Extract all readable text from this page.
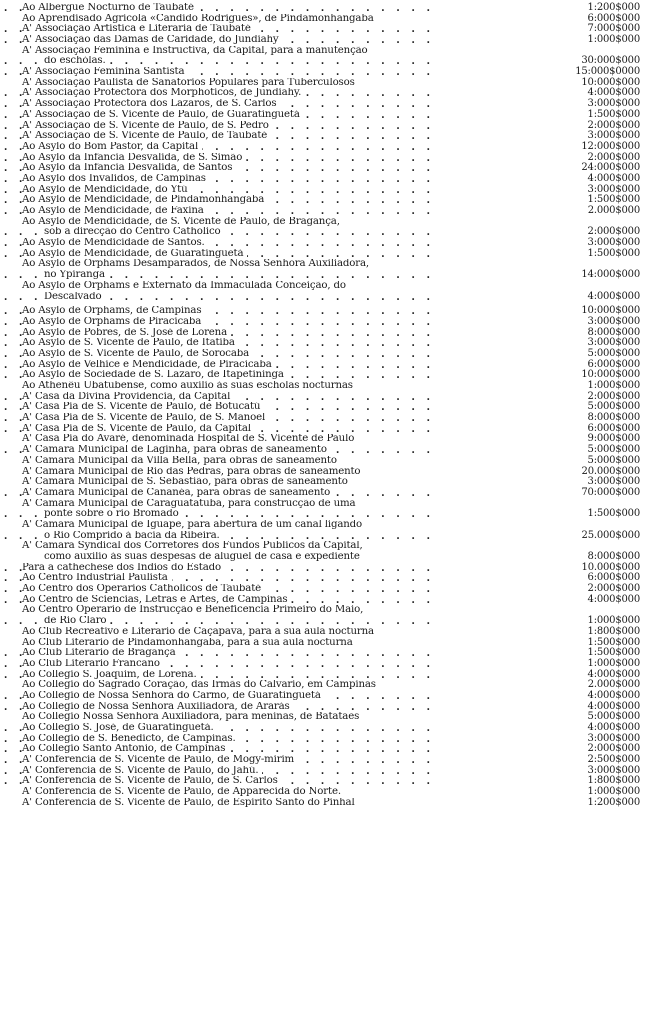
Ao Albergue Nocturno de Taubaté . . .	1:200$000
Ao Aprendisado Agricola «Candido Rodrigues», de Pindamonhangaba	6:000$000
A' Associação Artistica e Literaria de Taubaté . . .	7:000$000
A' Associação das Damas de Caridade, do Jundiahy . . .	1:000$000
A' Associação Feminina e Instructiva, da Capital, para a manutenção
do eschólas. . . .	30:000$000
A' Associação Feminina Santista . . .	15:000$0000
A' Associação Paulista de Sanatorios Populares para Tuberculosos	10:000$000
A' Associação Protectora dos Morphoticos, de Jundiahy. . . .	4:000$000
A' Associação Protectora dos Lazaros, de S. Carlos . . .	3:000$000
A' Associação de S. Vicente de Paulo, de Guaratinguetá . . .	1:500$000
A' Associação de S. Vicente de Paulo, de S. Pedro . . .	2:000$000
A' Associação de S. Vicente de Paulo, de Taubaté . . .	3:000$000
Ao Asylo do Bom Pastor, da Capital . . .	12:000$000
Ao Asylo da Infancia Desvalida, de S. Simão . . .	2:000$000
Ao Asylo da Infancia Desvalida, de Santos . . .	24:000$000
Ao Asylo dos Invalidos, de Campinas . . .	4:000$000
Ao Asylo de Mendicidade, do Ytú . . .	3:000$000
Ao Asylo de Mendicidade, de Pindamonhangaba . . .	1:500$000
Ao Asylo de Mendicidade, de Faxina . . .	2.000$000
Ao Asylo de Mendicidade, de S. Vicente de Paulo, de Bragança,
sob a direcção do Centro Catholico . . .	2:000$000
Ao Asylo de Mendicidade de Santos. . . .	3:000$000
Ao Asylo de Mendicidade, de Guaratinguetá . . .	1:500$000
Ao Asylo de Orphams Desamparados, de Nossa Senhora Auxiliadora,
no Ypiranga . . .	14:000$000
Ao Asylo de Orphams e Externato da Immaculada Conceição, do
Descalvado . . .	4:000$000
Ao Asylo de Orphams, de Campinas . . .	10:000$000
Ao Asylo de Orphams de Piracicaba . . .	3:000$000
Ao Asylo de Pobres, de S. José de Lorena . . .	8:000$000
Ao Asylo de S. Vicente de Paulo, de Itatiba . . .	3:000$000
Ao Asylo de S. Vicente de Paulo, de Sorocaba . . .	5:000$000
Ao Asylo de Velhice e Mendicidade, de Piracicaba . . .	6:000$000
Ao Asylo de Sociedade de S. Lazaro, de Itapetininga . . .	10:000$000
Ao Athenêu Ubatubense, como auxilio ás suas escholas nocturnas	1:000$000
A' Casa da Divina Providencia, da Capital . . .	2:000$000
A' Casa Pia de S. Vicente de Paulo, de Botucatú . . .	5:000$000
A' Casa Pia de S. Vicente de Paulo, de S. Manoel . . .	8:000$000
A' Casa Pia de S. Vicente de Paulo, da Capital . . .	6:000$000
A' Casa Pia do Avaré, denominada Hospital de S. Vicente de Paulo	9:000$000
A' Camara Municipal de Laginha, para obras de saneamento . . .	5:000$000
A' Camara Municipal da Villa Bella, para obras de saneamento	5:000$000
A' Camara Municipal de Rio das Pedras, para obras de saneamento	20.000$000
A' Camara Municipal de S. Sebastião, para obras de saneamento	3:000$000
A' Camara Municipal de Cananéa, para obras de saneamento . . .	70:000$000
A' Camara Municipal de Caraguatatuba, para construcção de uma
ponte sobre o rio Bromado . . .	1:500$000
A' Camara Municipal de Iguape, para abertura de um canal ligando
o Rio Comprido á bacia da Ribeira. . . .	25.000$000
A' Camara Syndical dos Corretores dos Fundos Publicos da Capital,
como auxilio ás suas despesas de aluguel de casa e expediente	8:000$000
Para a cathechese dos Indios do Estado . . .	10.000$000
Ao Centro Industrial Paulista . . .	6:000$000
Ao Centro dos Operarios Catholicos de Taubaté . . .	2:000$000
Ao Centro de Sciencias, Letras e Artes, de Campinas . . .	4:000$000
Ao Centro Operario de Instrucção e Beneficencia Primeiro do Maio,
de Rio Claro . . .	1:000$000
Ao Club Recreativo e Literario de Caçapava, para a sua aula nocturna	1:800$000
Ao Club Literario de Pindamonhangaba, para a sua aula nocturna	1:500$000
Ao Club Literario de Bragança . . .	1:500$000
Ao Club Literario Francano . . .	1:000$000
Ao Collegio S. Joaquim, de Lorena. . . .	4:000$000
Ao Collegio do Sagrado Coração, das Irmãs do Calvario, em Campinas	2.000$000
Ao Collegio de Nossa Senhora do Carmo, de Guaratinguetá . . .	4:000$000
Ao Collegio de Nossa Senhora Auxiliadora, de Ararás . . .	4:000$000
Ao Collegio Nossa Senhora Auxiliadora, para meninas, de Batataes	5:000$000
Ao Collegio S. José, de Guaratinguetá. . . .	4:000$000
Ao Collegio de S. Benedicto, de Campinas. . . .	3:000$000
Ao Collegio Santo Antonio, de Campinas . . .	2:000$000
A' Conferencia de S. Vicente de Paulo, de Mogy-mirim . . .	2:500$000
A' Conferencia de S. Vicente de Paulo, do Jahú. . . .	3:000$000
A' Conferencia de S. Vicente de Paulo, de S. Carlos . . .	1:800$000
A' Conferencia de S. Vicente de Paulo, de Apparecida do Norte.	1:000$000
A' Conferencia de S. Vicente de Paulo, de Espirito Santo do Pinhal	1:200$000
